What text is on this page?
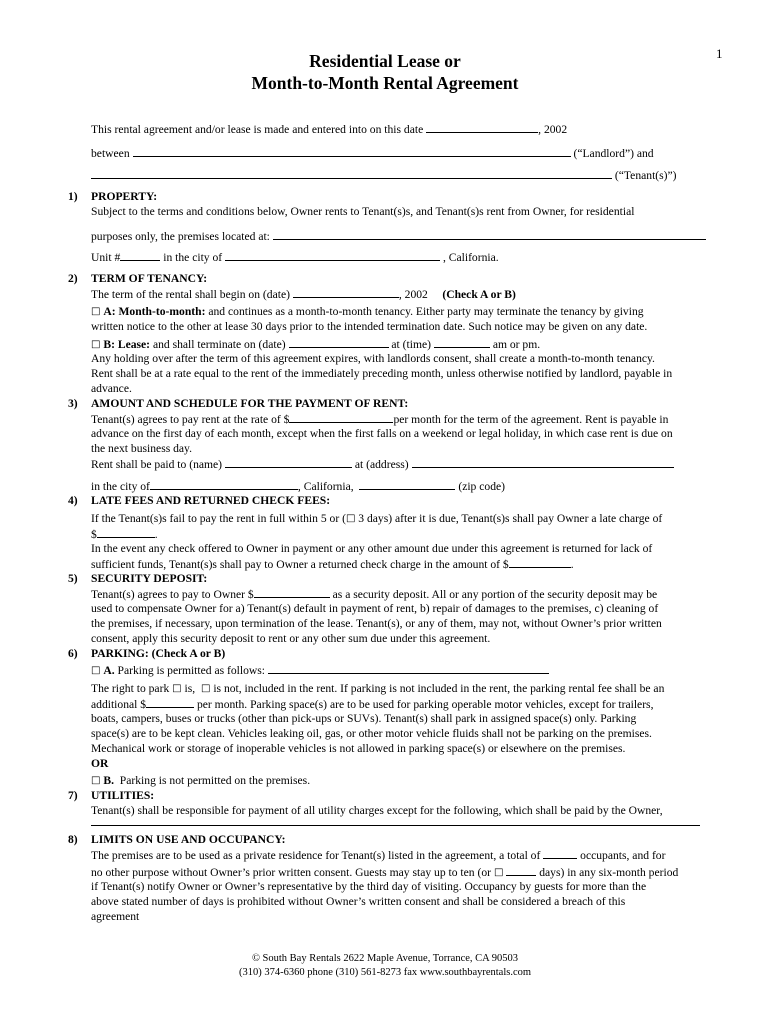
1
Residential Lease or
Month-to-Month Rental Agreement
This rental agreement and/or lease is made and entered into on this date	, 2002
between	(“Landlord”) and
(“Tenant(s)”)
1) PROPERTY:
Subject to the terms and conditions below, Owner rents to Tenant(s)s, and Tenant(s)s rent from Owner, for residential
purposes only, the premises located at:
Unit #	in the city of	, California.
2) TERM OF TENANCY:
The term of the rental shall begin on (date)	, 2002 (Check A or B)
□ A: Month-to-month: and continues as a month-to-month tenancy. Either party may terminate the tenancy by giving
written notice to the other at lease 30 days prior to the intended termination date. Such notice may be given on any date.
□ B: Lease: and shall terminate on (date)	at (time)	am or pm.
Any holding over after the term of this agreement expires, with landlords consent, shall create a month-to-month tenancy.
Rent shall be at a rate equal to the rent of the immediately preceding month, unless otherwise notified by landlord, payable in
advance.
3) AMOUNT AND SCHEDULE FOR THE PAYMENT OF RENT:
Tenant(s) agrees to pay rent at the rate of $	per month for the term of the agreement. Rent is payable in
advance on the first day of each month, except when the first falls on a weekend or legal holiday, in which case rent is due on
the next business day.
Rent shall be paid to (name)	at (address)
in the city of	, California,	(zip code)
4) LATE FEES AND RETURNED CHECK FEES:
If the Tenant(s)s fail to pay the rent in full within 5 or (□ 3 days) after it is due, Tenant(s)s shall pay Owner a late charge of
$	.
In the event any check offered to Owner in payment or any other amount due under this agreement is returned for lack of
sufficient funds, Tenant(s)s shall pay to Owner a returned check charge in the amount of $	.
5) SECURITY DEPOSIT:
Tenant(s) agrees to pay to Owner $	as a security deposit. All or any portion of the security deposit may be
used to compensate Owner for a) Tenant(s) default in payment of rent, b) repair of damages to the premises, c) cleaning of
the premises, if necessary, upon termination of the lease. Tenant(s), or any of them, may not, without Owner’s prior written
consent, apply this security deposit to rent or any other sum due under this agreement.
6) PARKING: (Check A or B)
□ A. Parking is permitted as follows:
The right to park □ is, □ is not, included in the rent. If parking is not included in the rent, the parking rental fee shall be an
additional $	per month. Parking space(s) are to be used for parking operable motor vehicles, except for trailers,
boats, campers, buses or trucks (other than pick-ups or SUVs). Tenant(s) shall park in assigned space(s) only. Parking
space(s) are to be kept clean. Vehicles leaking oil, gas, or other motor vehicle fluids shall not be parking on the premises.
Mechanical work or storage of inoperable vehicles is not allowed in parking space(s) or elsewhere on the premises.
OR
□ B. Parking is not permitted on the premises.
7) UTILITIES:
Tenant(s) shall be responsible for payment of all utility charges except for the following, which shall be paid by the Owner,
8) LIMITS ON USE AND OCCUPANCY:
The premises are to be used as a private residence for Tenant(s) listed in the agreement, a total of	occupants, and for
no other purpose without Owner’s prior written consent. Guests may stay up to ten (or □	days) in any six-month period
if Tenant(s) notify Owner or Owner’s representative by the third day of visiting. Occupancy by guests for more than the
above stated number of days is prohibited without Owner’s written consent and shall be considered a breach of this
agreement
© South Bay Rentals 2622 Maple Avenue, Torrance, CA 90503
(310) 374-6360 phone (310) 561-8273 fax www.southbayrentals.com
